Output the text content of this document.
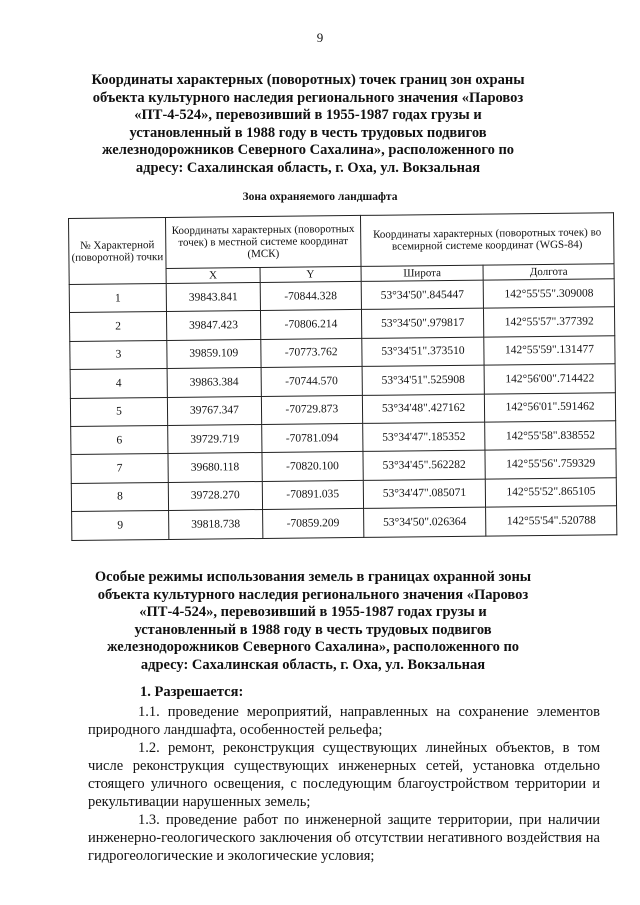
9
Координаты характерных (поворотных) точек границ зон охраны объекта культурного наследия регионального значения «Паровоз «ПТ-4-524», перевозивший в 1955-1987 годах грузы и установленный в 1988 году в честь трудовых подвигов железнодорожников Северного Сахалина», расположенного по адресу: Сахалинская область, г. Оха, ул. Вокзальная
Зона охраняемого ландшафта
№ Характерной (поворотной) точки	Координаты характерных (поворотных точек) в местной системе координат (МСК)		Координаты характерных (поворотных точек) во всемирной системе координат (WGS-84)	
	X	Y	Широта	Долгота
1	39843.841	-70844.328	53°34'50".845447	142°55'55".309008
2	39847.423	-70806.214	53°34'50".979817	142°55'57".377392
3	39859.109	-70773.762	53°34'51".373510	142°55'59".131477
4	39863.384	-70744.570	53°34'51".525908	142°56'00".714422
5	39767.347	-70729.873	53°34'48".427162	142°56'01".591462
6	39729.719	-70781.094	53°34'47".185352	142°55'58".838552
7	39680.118	-70820.100	53°34'45".562282	142°55'56".759329
8	39728.270	-70891.035	53°34'47".085071	142°55'52".865105
9	39818.738	-70859.209	53°34'50".026364	142°55'54".520788
Особые режимы использования земель в границах охранной зоны объекта культурного наследия регионального значения «Паровоз «ПТ-4-524», перевозивший в 1955-1987 годах грузы и установленный в 1988 году в честь трудовых подвигов железнодорожников Северного Сахалина», расположенного по адресу: Сахалинская область, г. Оха, ул. Вокзальная
1. Разрешается:

1.1. проведение мероприятий, направленных на сохранение элементов природного ландшафта, особенностей рельефа;

1.2. ремонт, реконструкция существующих линейных объектов, в том числе реконструкция существующих инженерных сетей, установка отдельно стоящего уличного освещения, с последующим благоустройством территории и рекультивации нарушенных земель;

1.3. проведение работ по инженерной защите территории, при наличии инженерно-геологического заключения об отсутствии негативного воздействия на гидрогеологические и экологические условия;
